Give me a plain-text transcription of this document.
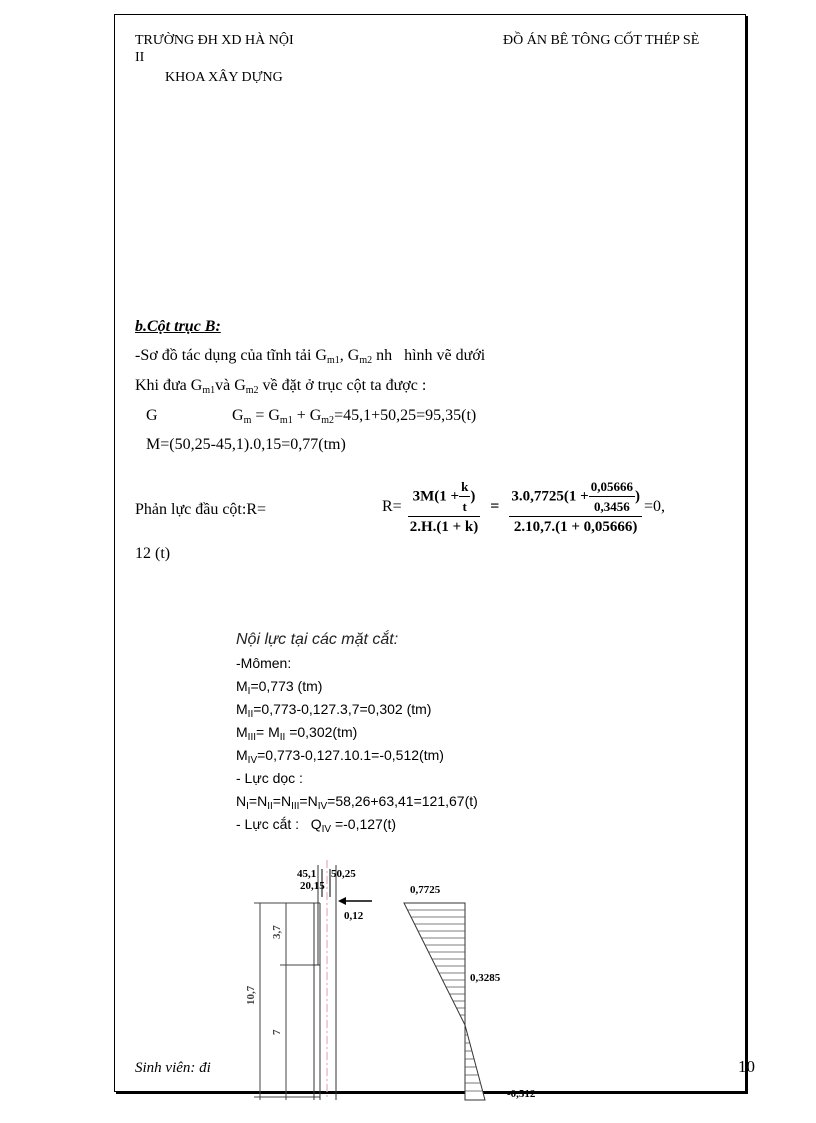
TRƯỜNG ĐH XD HÀ NỘI
II
KHOA XÂY DỰNG
ĐỒ ÁN BÊ TÔNG CỐT THÉP SÈ
b.Cột trục B:
-Sơ đồ tác dụng của tĩnh tải $G_{m1}$, $G_{m2}$ nh hình vẽ dưới
Khi đưa $G_{m1}và$ $G_{m2}$ về đặt ở trục cột ta được :
G	$G_m = G_{m1} + G_{m2}=45,1+50,25=95,35(t)$
M=(50,25-45,1).0,15=0,77(tm)
Phản lực đầu cột:R=	$R= \frac{3M(1 + \frac{k}{t} )}{2.H.(1 + k)} = \frac{3.0,7725(1 + \frac{0,05666}{0,3456} )}{2.10,7.(1 + 0,05666)} =0$,
12 (t)
Nội lực tại các mặt cắt:
-Mômen:
$M_I=0,773$ (tm)
$M_{II}=0,773-0,127.3,7=0,302$ (tm)
$M_{III}= M_{II} =0,302(tm)$
$M_{IV}=0,773-0,127.10.1=-0,512(tm)$
- Lực dọc :
$N_I=N_{II}=N_{III}=N_{IV}=58,26+63,41=121,67(t)$
- Lực cắt : $Q_{IV} =-0,127(t)$
10,7
3,7
7
45,1 50,25
20,15
0,12
0,7725
0,3285
-0,512
Sinh viên: đi	10
